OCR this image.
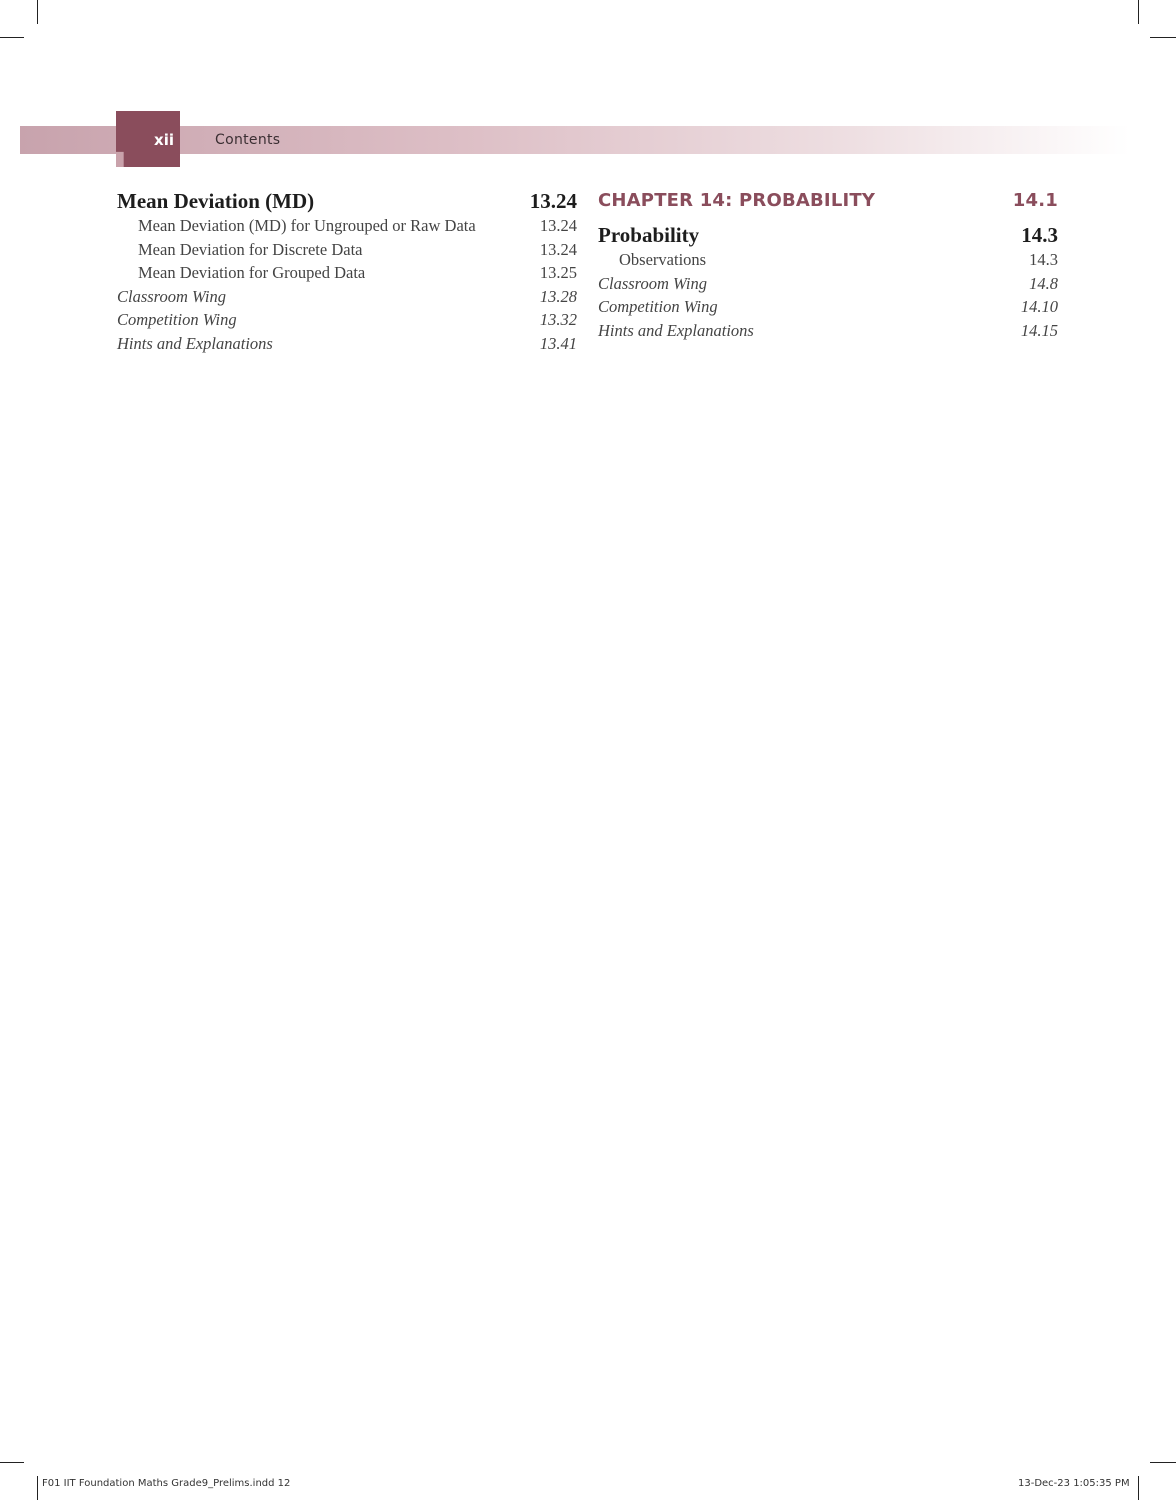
xii	Contents
Mean Deviation (MD)	13.24
Mean Deviation (MD) for Ungrouped or Raw Data	13.24
Mean Deviation for Discrete Data	13.24
Mean Deviation for Grouped Data	13.25
Classroom Wing	13.28
Competition Wing	13.32
Hints and Explanations	13.41
CHAPTER 14: PROBABILITY	14.1
Probability	14.3
Observations	14.3
Classroom Wing	14.8
Competition Wing	14.10
Hints and Explanations	14.15
F01 IIT Foundation Maths Grade9_Prelims.indd 12	13-Dec-23 1:05:35 PM
